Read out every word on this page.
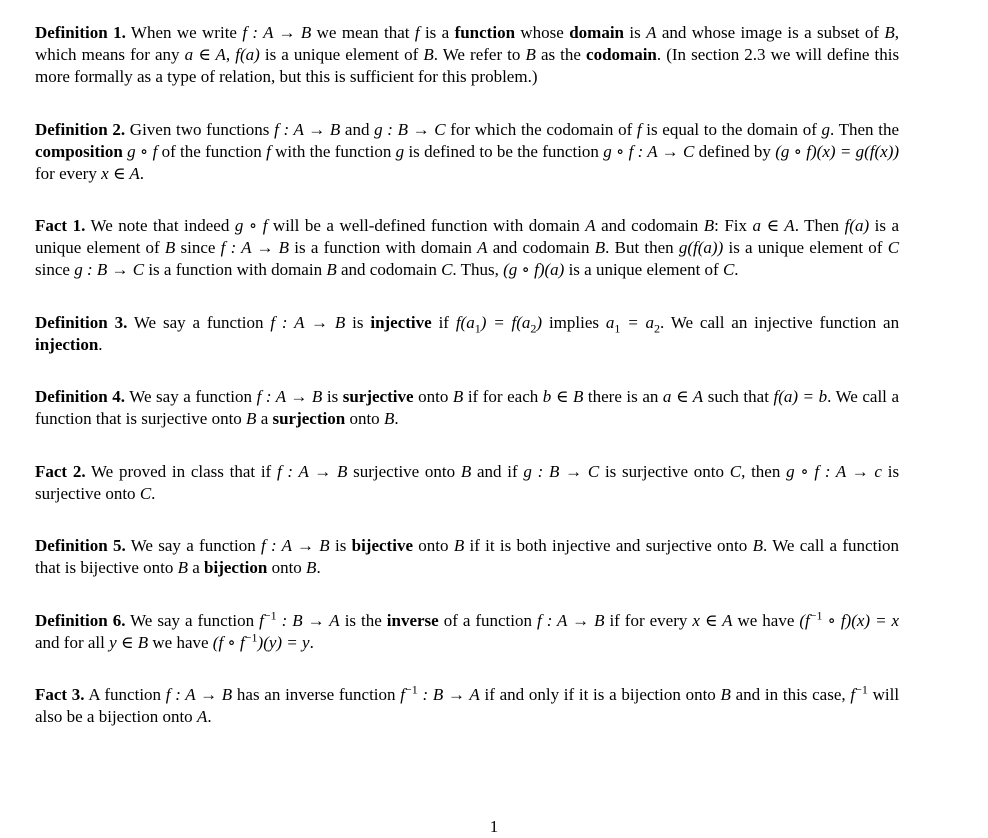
Definition 1. When we write f : A → B we mean that f is a function whose domain is A and whose image is a subset of B, which means for any a ∈ A, f(a) is a unique element of B. We refer to B as the codomain. (In section 2.3 we will define this more formally as a type of relation, but this is sufficient for this problem.)

Definition 2. Given two functions f : A → B and g : B → C for which the codomain of f is equal to the domain of g. Then the composition g ∘ f of the function f with the function g is defined to be the function g ∘ f : A → C defined by (g ∘ f)(x) = g(f(x)) for every x ∈ A.

Fact 1. We note that indeed g ∘ f will be a well-defined function with domain A and codomain B: Fix a ∈ A. Then f(a) is a unique element of B since f : A → B is a function with domain A and codomain B. But then g(f(a)) is a unique element of C since g : B → C is a function with domain B and codomain C. Thus, (g ∘ f)(a) is a unique element of C.

Definition 3. We say a function f : A → B is injective if $f(a_1) = f(a_2)$ implies $a_1 = a_2$. We call an injective function an injection.

Definition 4. We say a function f : A → B is surjective onto B if for each b ∈ B there is an a ∈ A such that f(a) = b. We call a function that is surjective onto B a surjection onto B.

Fact 2. We proved in class that if f : A → B surjective onto B and if g : B → C is surjective onto C, then g ∘ f : A → c is surjective onto C.

Definition 5. We say a function f : A → B is bijective onto B if it is both injective and surjective onto B. We call a function that is bijective onto B a bijection onto B.

Definition 6. We say a function $f^{-1}$ : B → A is the inverse of a function f : A → B if for every x ∈ A we have ($f^{-1}$ ∘ f)(x) = x and for all y ∈ B we have (f ∘ $f^{-1})(y) = y$.

Fact 3. A function f : A → B has an inverse function $f^{-1}$ : B → A if and only if it is a bijection onto B and in this case, $f^{-1}$ will also be a bijection onto A.

1
